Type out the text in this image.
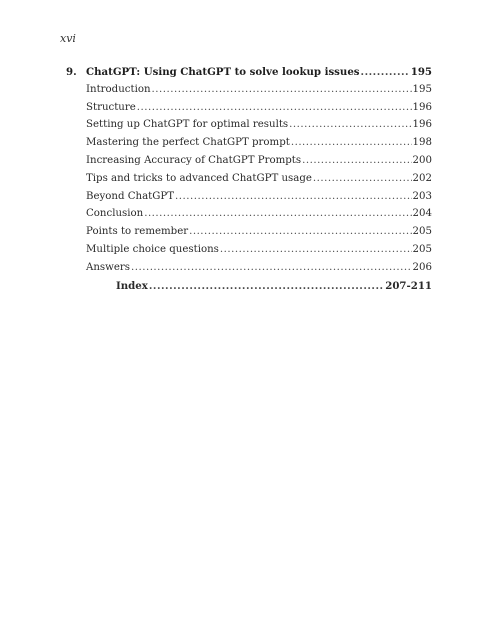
xvi
9. ChatGPT: Using ChatGPT to solve lookup issues .....	195
Introduction .....	195
Structure .....	196
Setting up ChatGPT for optimal results .....	196
Mastering the perfect ChatGPT prompt .....	198
Increasing Accuracy of ChatGPT Prompts .....	200
Tips and tricks to advanced ChatGPT usage .....	202
Beyond ChatGPT .....	203
Conclusion .....	204
Points to remember .....	205
Multiple choice questions .....	205
Answers .....	206
Index .....	207-211
